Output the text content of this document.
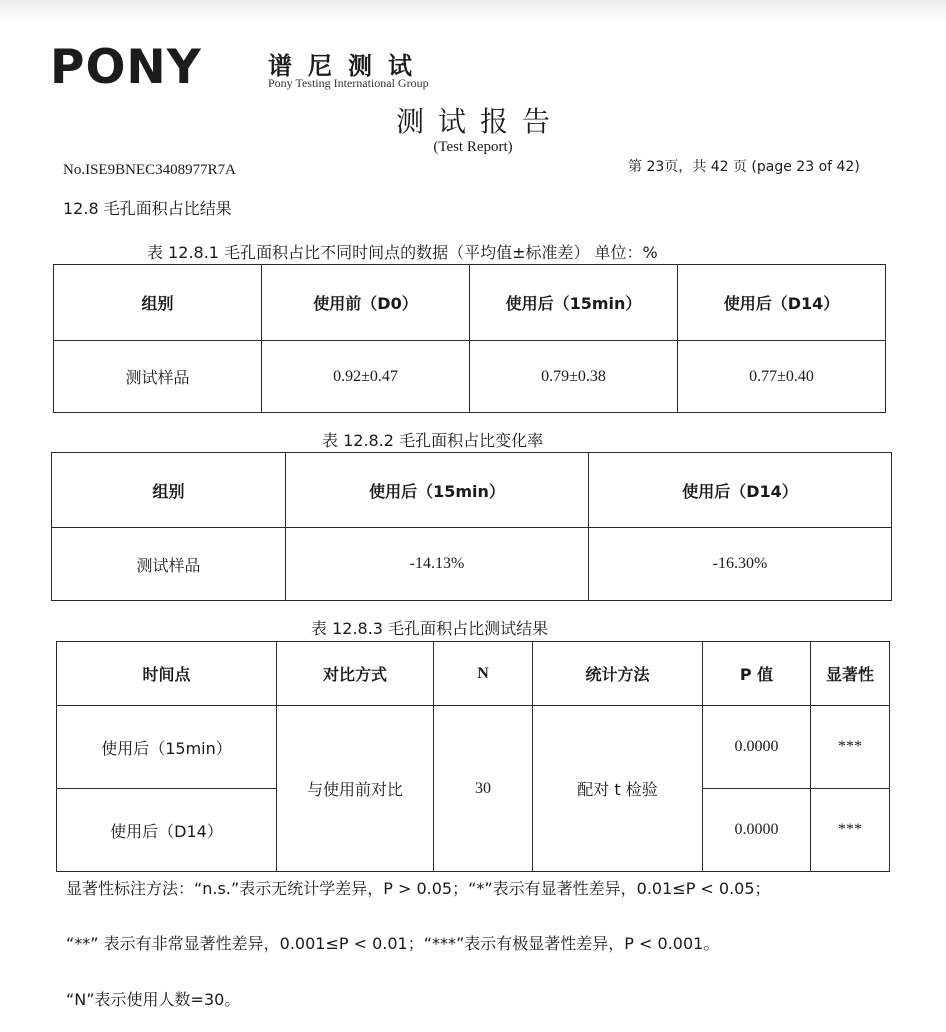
PONY	谱尼测试
Pony Testing International Group
测试报告
(Test Report)
No.ISE9BNEC3408977R7A	第 23页，共 42 页 (page 23 of 42)
12.8 毛孔面积占比结果
表 12.8.1 毛孔面积占比不同时间点的数据（平均值±标准差） 单位：%
组别	使用前（D0）	使用后（15min）	使用后（D14）
测试样品	0.92±0.47	0.79±0.38	0.77±0.40
表 12.8.2 毛孔面积占比变化率
组别	使用后（15min）	使用后（D14）
测试样品	-14.13%	-16.30%
表 12.8.3 毛孔面积占比测试结果
时间点	对比方式	N	统计方法	P 值	显著性
使用后（15min）	与使用前对比	30	配对 t 检验	0.0000	***
使用后（D14）				0.0000	***
显著性标注方法：“n.s.”表示无统计学差异，P > 0.05；“*”表示有显著性差异，0.01≤P < 0.05；
“**” 表示有非常显著性差异，0.001≤P < 0.01；“***”表示有极显著性差异，P < 0.001。
“N”表示使用人数=30。
